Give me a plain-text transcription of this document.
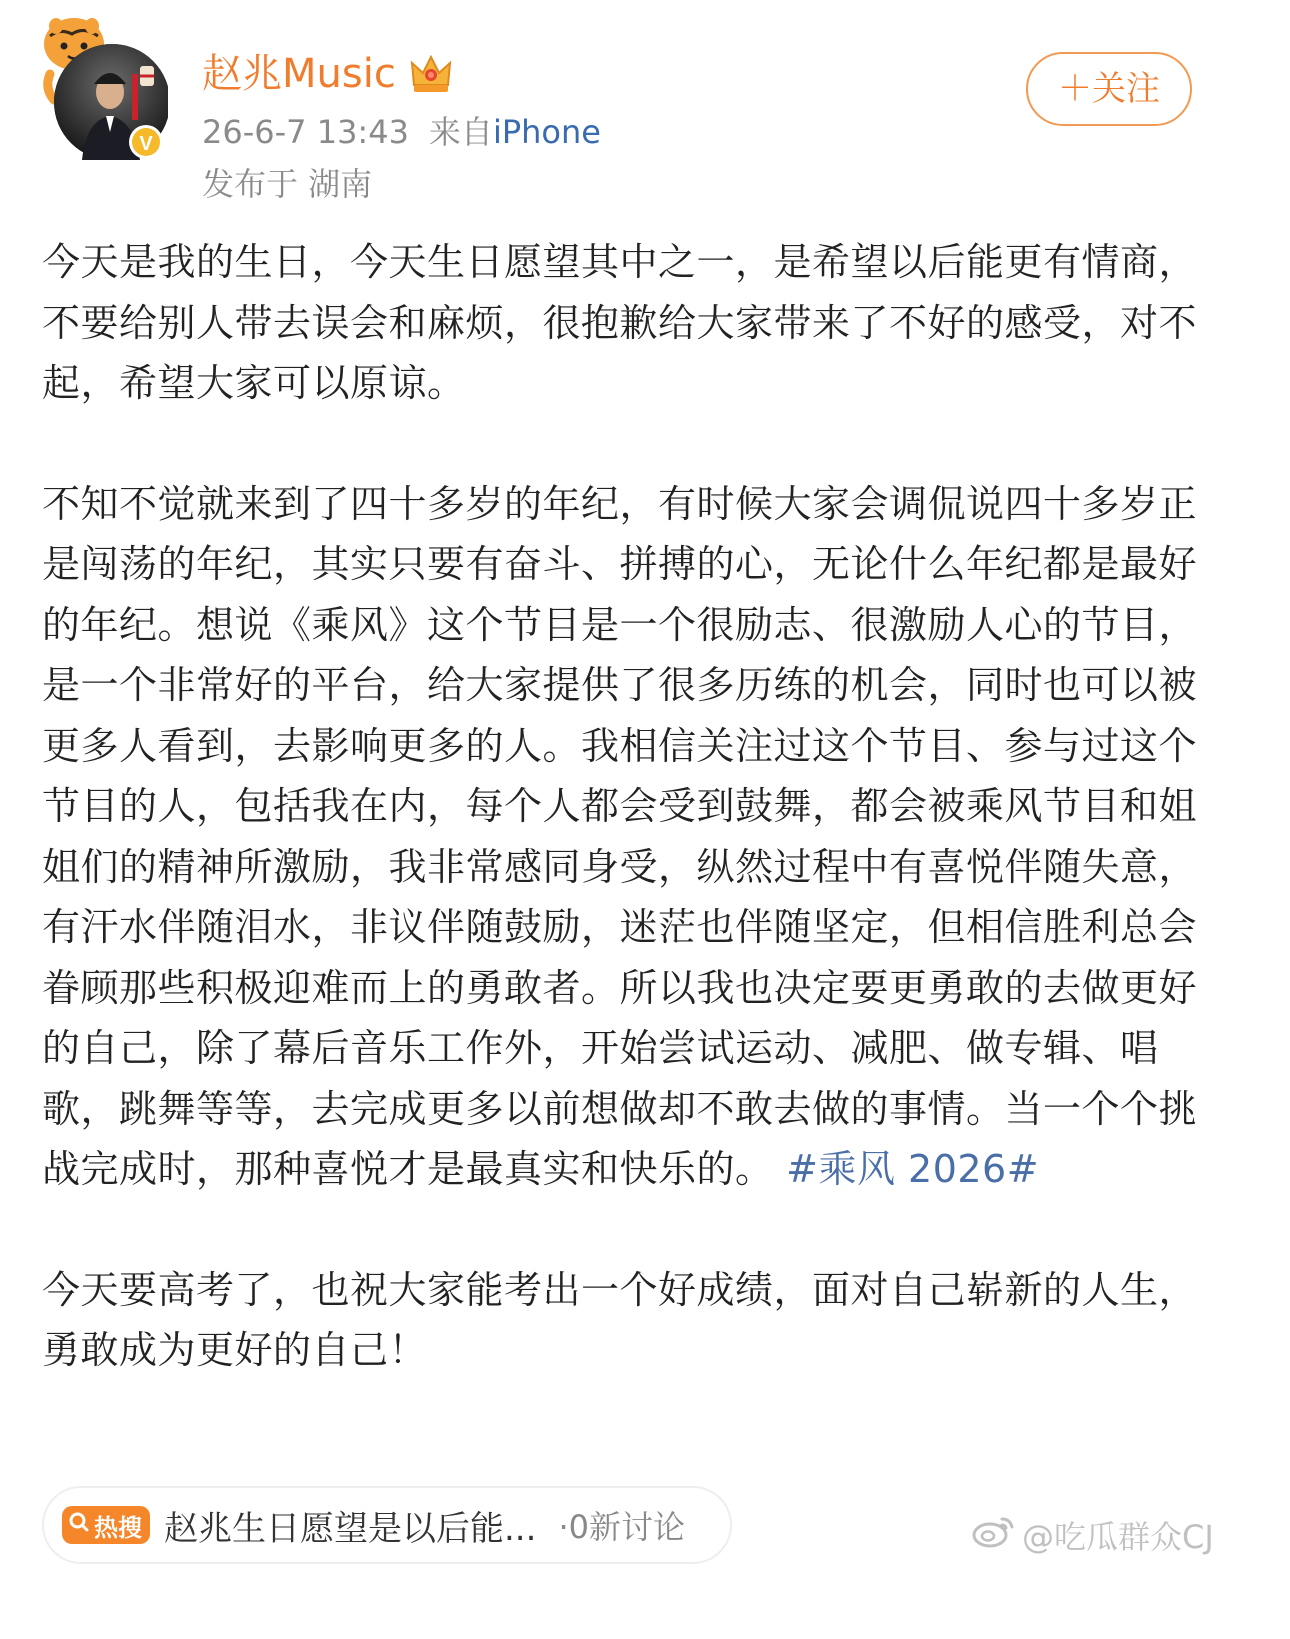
V
赵兆Music
26-6-7 13:43 来自iPhone
发布于 湖南
＋关注

今天是我的生日，今天生日愿望其中之一，是希望以后能更有情商，不要给别人带去误会和麻烦，很抱歉给大家带来了不好的感受，对不起，希望大家可以原谅。

不知不觉就来到了四十多岁的年纪，有时候大家会调侃说四十多岁正是闯荡的年纪，其实只要有奋斗、拼搏的心，无论什么年纪都是最好的年纪。想说《乘风》这个节目是一个很励志、很激励人心的节目，是一个非常好的平台，给大家提供了很多历练的机会，同时也可以被更多人看到，去影响更多的人。我相信关注过这个节目、参与过这个节目的人，包括我在内，每个人都会受到鼓舞，都会被乘风节目和姐姐们的精神所激励，我非常感同身受，纵然过程中有喜悦伴随失意，有汗水伴随泪水，非议伴随鼓励，迷茫也伴随坚定，但相信胜利总会眷顾那些积极迎难而上的勇敢者。所以我也决定要更勇敢的去做更好的自己，除了幕后音乐工作外，开始尝试运动、减肥、做专辑、唱歌，跳舞等等，去完成更多以前想做却不敢去做的事情。当一个个挑战完成时，那种喜悦才是最真实和快乐的。 #乘风 2026#

今天要高考了，也祝大家能考出一个好成绩，面对自己崭新的人生，勇敢成为更好的自己！

热搜 赵兆生日愿望是以后能... ·0新讨论	@吃瓜群众CJ
